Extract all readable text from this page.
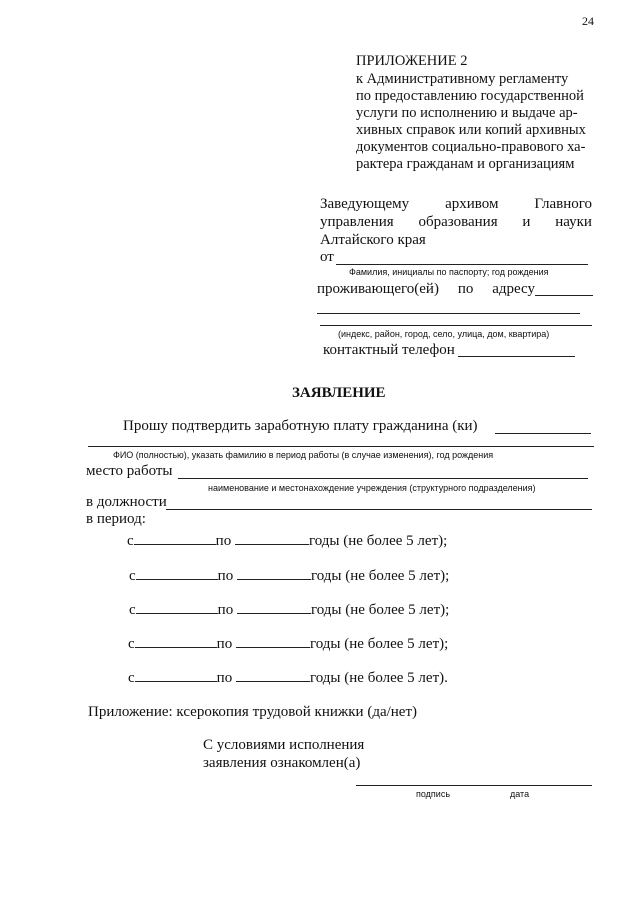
24
ПРИЛОЖЕНИЕ 2
к Административному регламенту
по предоставлению государственной
услуги по исполнению и выдаче ар-
хивных справок или копий архивных
документов социально-правового ха-
рактера гражданам и организациям
Заведующему архивом Главного
управления образования и науки
Алтайского края
от
Фамилия, инициалы по паспорту; год рождения
проживающего(ей) по адресу
(индекс, район, город, село, улица, дом, квартира)
контактный телефон
ЗАЯВЛЕНИЕ
Прошу подтвердить заработную плату гражданина (ки)
ФИО (полностью), указать фамилию в период работы (в случае изменения), год рождения
место работы
наименование и местонахождение учреждения (структурного подразделения)
в должности
в период:
с	по	годы (не более 5 лет);
с	по	годы (не более 5 лет);
с	по	годы (не более 5 лет);
с	по	годы (не более 5 лет);
с	по	годы (не более 5 лет).
Приложение: ксерокопия трудовой книжки (да/нет)
С условиями исполнения
заявления ознакомлен(а)
подпись	дата
